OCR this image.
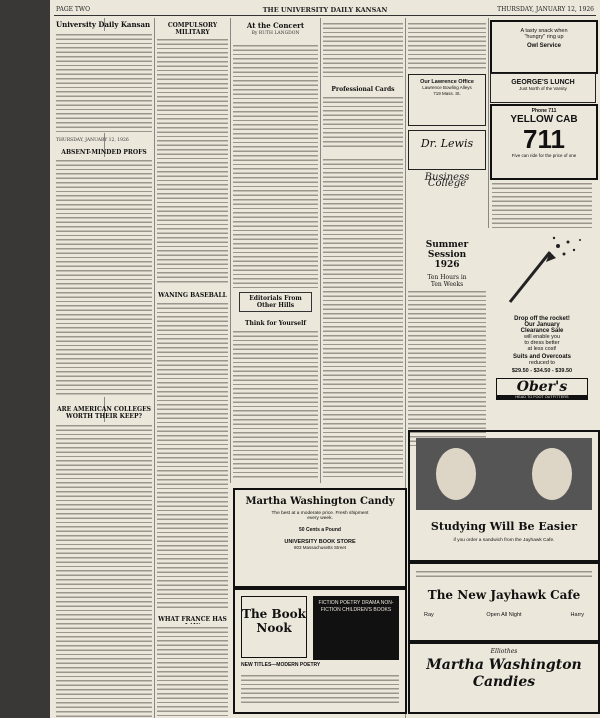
PAGE TWO	THE UNIVERSITY DAILY KANSAN	THURSDAY, JANUARY 12, 1926
University Daily Kansan
THURSDAY, JANUARY 12, 1926
ABSENT-MINDED PROFS
ARE AMERICAN COLLEGES WORTH THEIR KEEP?
COMPULSORY MILITARY
WANING BASEBALL
WHAT FRANCE HAS
At the Concert
By RUTH LANGDON
Editorials From Other Hills
Think for Yourself
Professional Cards
Our Lawrence Office
Lawrence Bowling Alleys
719 Mass. St.
Dr. Lewis
Business College
A tasty snack when
"hungry" ring up
Owl Service
GEORGE'S LUNCH
Just North of the Varsity
Phone 711
YELLOW CAB
711
Five can ride for the price of one
Summer Session
1926
Ten Hours in
Ten Weeks
Drop off the rocket!
Our January
Clearance Sale
will enable you
to dress better
at less cost!
Suits and Overcoats
reduced to
$29.50 - $34.50 - $39.50
Ober's
HEAD TO FOOT OUTFITTERS
Martha Washington Candy
The best at a moderate price. Fresh shipment
every week.
50 Cents a Pound
UNIVERSITY BOOK STORE
803 Massachusetts Street
The Book Nook
FICTION POETRY DRAMA NON-FICTION CHILDREN'S BOOKS
NEW TITLES—MODERN POETRY
Studying Will Be Easier
if you order a sandwich from the Jayhawk Cafe.
The New Jayhawk Cafe
Ray	Open All Night	Harry
Elliothes
Martha Washington Candies
